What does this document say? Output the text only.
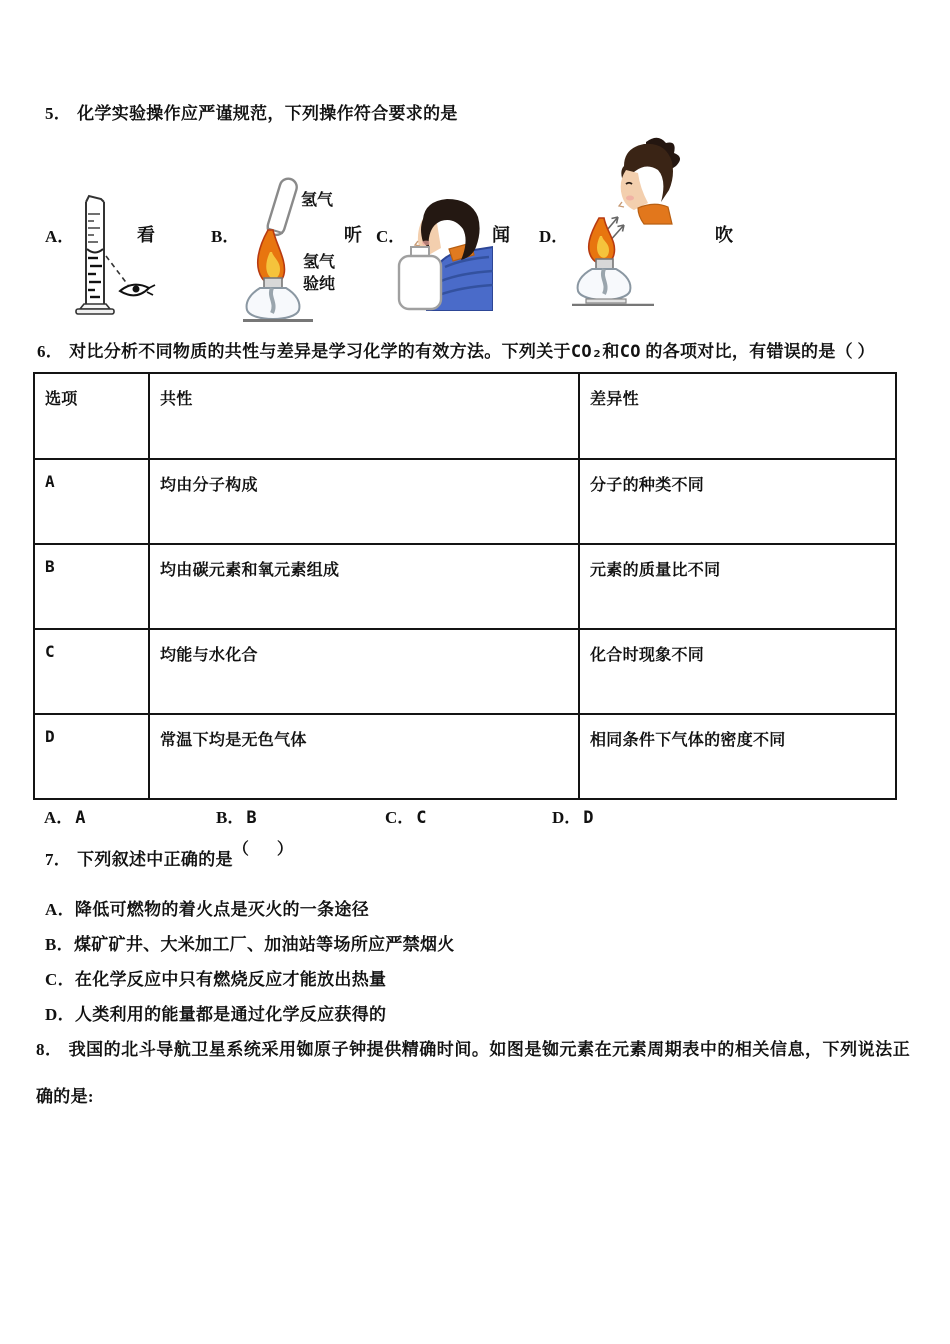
5． 化学实验操作应严谨规范，下列操作符合要求的是
A．	看	B．
氢气
氢气
验纯
听 C．	闻 D．	吹
6． 对比分析不同物质的共性与差异是学习化学的有效方法。下列关于CO₂和CO 的各项对比，有错误的是（ ）
选项	共性	差异性
A	均由分子构成	分子的种类不同
B	均由碳元素和氧元素组成	元素的质量比不同
C	均能与水化合	化合时现象不同
D	常温下均是无色气体	相同条件下气体的密度不同
A． A	B． B	C． C	D． D
7． 下列叙述中正确的是（　）
A．降低可燃物的着火点是灭火的一条途径
B．煤矿矿井、大米加工厂、加油站等场所应严禁烟火
C．在化学反应中只有燃烧反应才能放出热量
D．人类利用的能量都是通过化学反应获得的
8． 我国的北斗导航卫星系统采用铷原子钟提供精确时间。如图是铷元素在元素周期表中的相关信息，下列说法正确的是:
